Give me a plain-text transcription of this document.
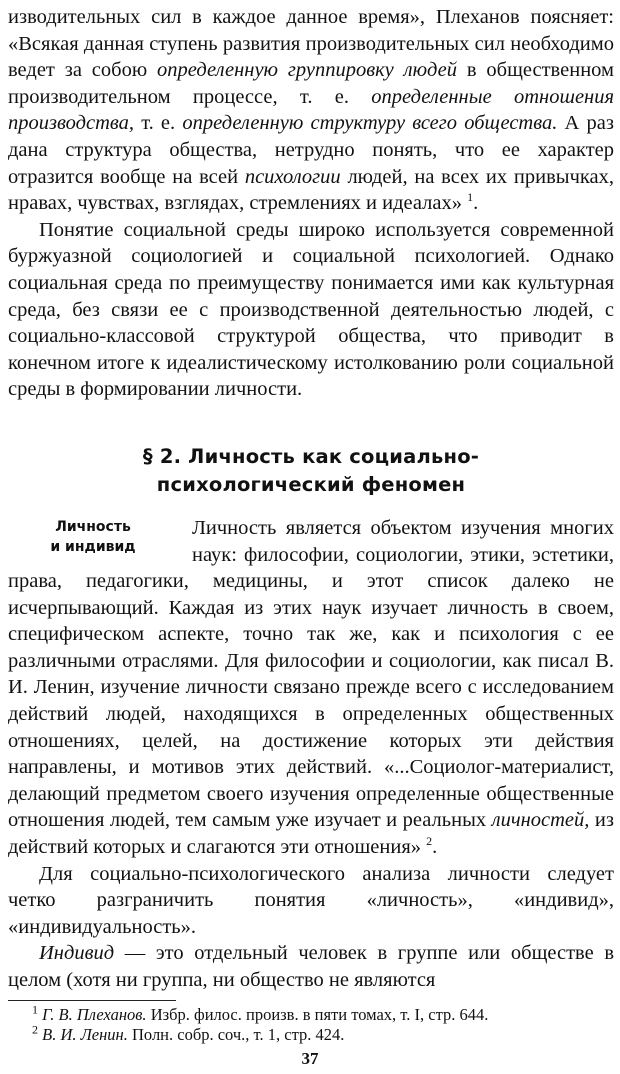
изводительных сил в каждое данное время», Плеханов поясняет: «Всякая данная ступень развития производительных сил необходимо ведет за собою определенную группировку людей в общественном производительном процессе, т. е. определенные отношения производства, т. е. определенную структуру всего общества. А раз дана структура общества, нетрудно понять, что ее характер отразится вообще на всей психологии людей, на всех их привычках, нравах, чувствах, взглядах, стремлениях и идеалах» $^1$.

Понятие социальной среды широко используется современной буржуазной социологией и социальной психологией. Однако социальная среда по преимуществу понимается ими как культурная среда, без связи ее с производственной деятельностью людей, с социально-классовой структурой общества, что приводит в конечном итоге к идеалистическому истолкованию роли социальной среды в формировании личности.

§ 2. Личность как социально-
психологический феномен
Личность
и индивид

Личность является объектом изучения многих наук: философии, социологии, этики, эстетики, права, педагогики, медицины, и этот список далеко не исчерпывающий. Каждая из этих наук изучает личность в своем, специфическом аспекте, точно так же, как и психология с ее различными отраслями. Для философии и социологии, как писал В. И. Ленин, изучение личности связано прежде всего с исследованием действий людей, находящихся в определенных общественных отношениях, целей, на достижение которых эти действия направлены, и мотивов этих действий. «...Социолог-материалист, делающий предметом своего изучения определенные общественные отношения людей, тем самым уже изучает и реальных личностей, из действий которых и слагаются эти отношения» $^2$.

Для социально-психологического анализа личности следует четко разграничить понятия «личность», «индивид», «индивидуальность».

Индивид — это отдельный человек в группе или обществе в целом (хотя ни группа, ни общество не являются

$^1$ Г. В. Плеханов. Избр. филос. произв. в пяти томах, т. I, стр. 644.

$^2$ В. И. Ленин. Полн. собр. соч., т. 1, стр. 424.

37
